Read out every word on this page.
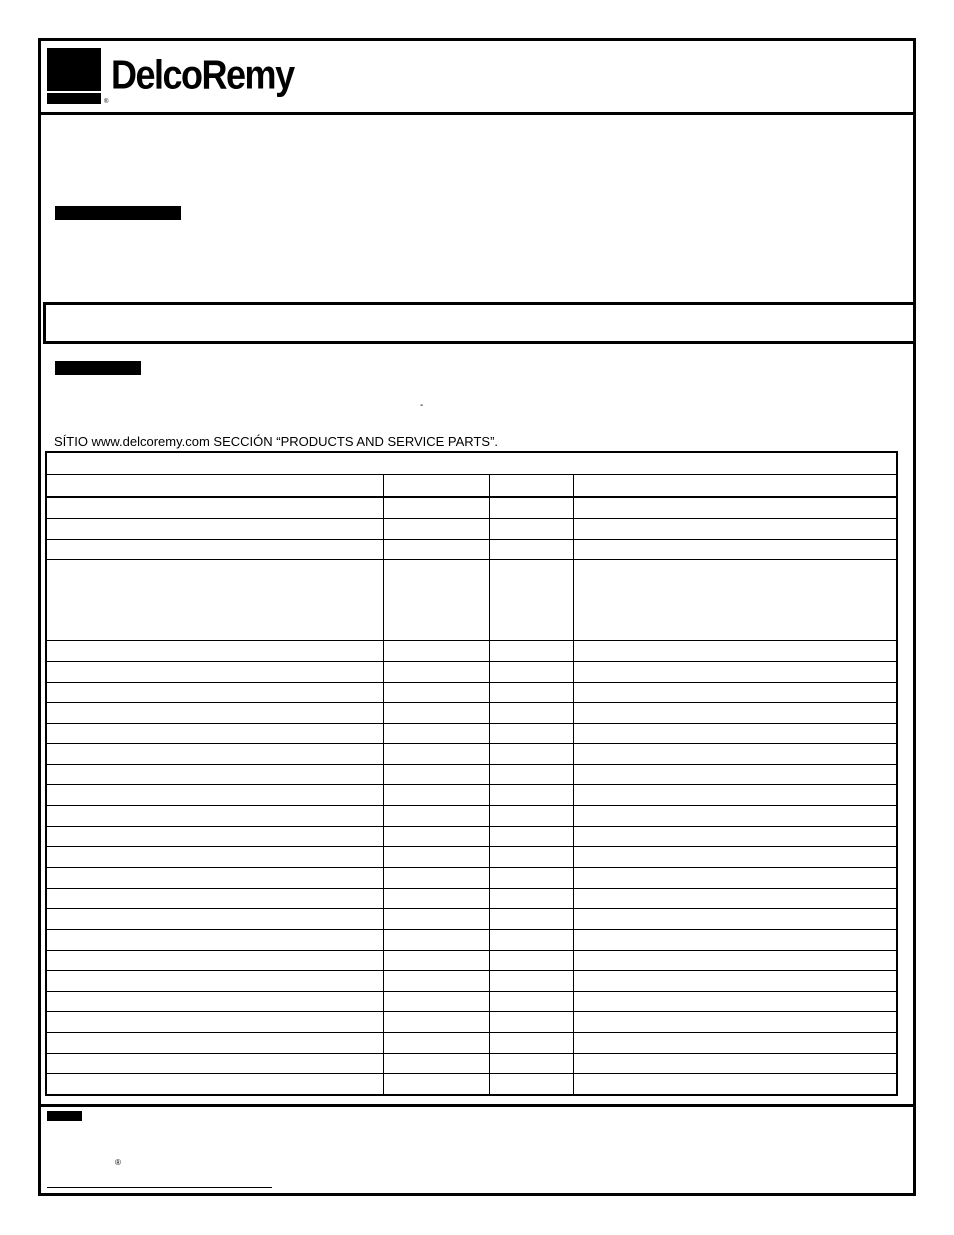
DelcoRemy
®
-
SÍTIO www.delcoremy.com SECCIÓN “PRODUCTS AND SERVICE PARTS”.
®
